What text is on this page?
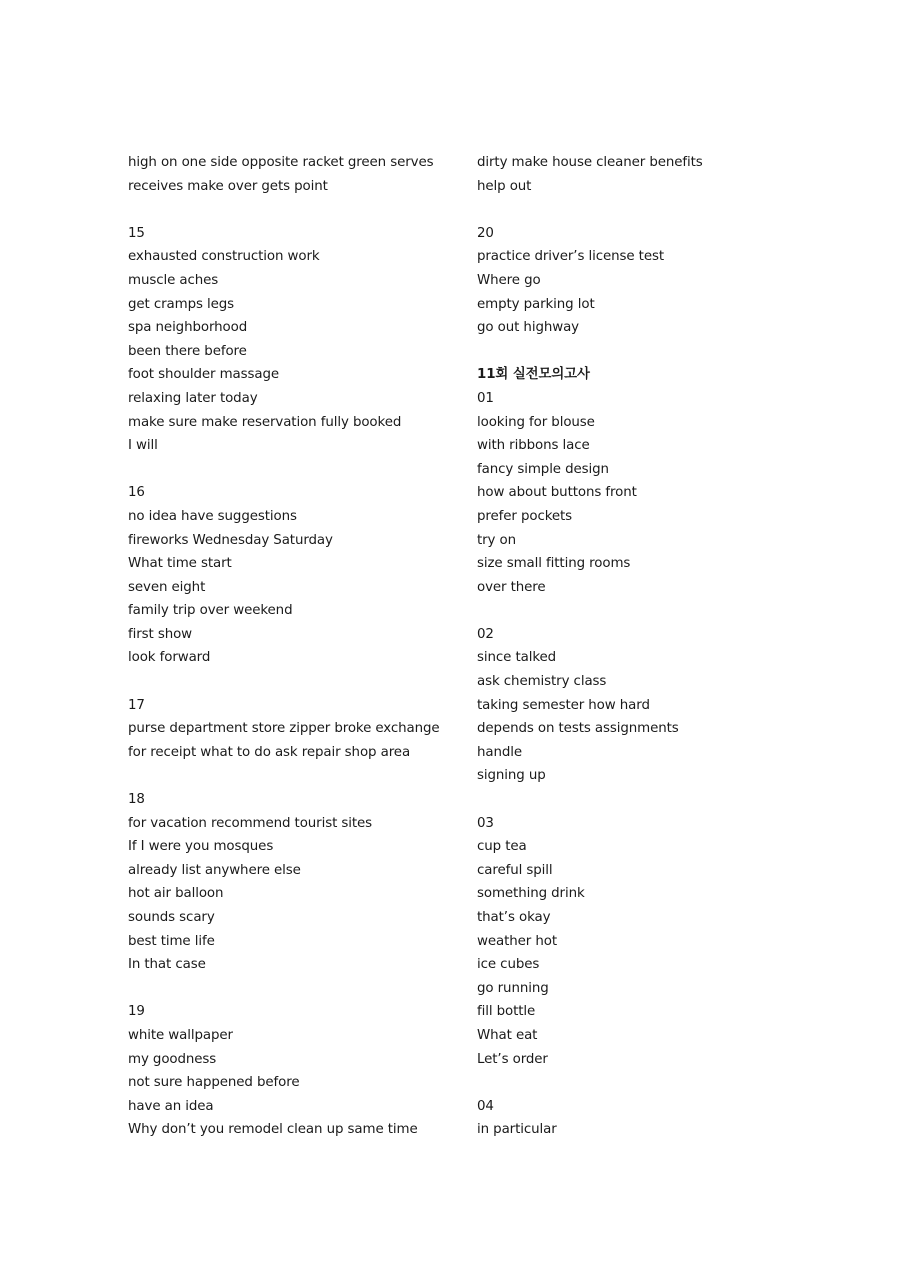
high on one side opposite racket green serves
receives make over gets point
15
exhausted construction work
muscle aches
get cramps legs
spa neighborhood
been there before
foot shoulder massage
relaxing later today
make sure make reservation fully booked
I will
16
no idea have suggestions
fireworks Wednesday Saturday
What time start
seven eight
family trip over weekend
first show
look forward
17
purse department store zipper broke exchange
for receipt what to do ask repair shop area
18
for vacation recommend tourist sites
If I were you mosques
already list anywhere else
hot air balloon
sounds scary
best time life
In that case
19
white wallpaper
my goodness
not sure happened before
have an idea
Why don’t you remodel clean up same time
dirty make house cleaner benefits
help out
20
practice driver’s license test
Where go
empty parking lot
go out highway
11회 실전모의고사
01
looking for blouse
with ribbons lace
fancy simple design
how about buttons front
prefer pockets
try on
size small fitting rooms
over there
02
since talked
ask chemistry class
taking semester how hard
depends on tests assignments
handle
signing up
03
cup tea
careful spill
something drink
that’s okay
weather hot
ice cubes
go running
fill bottle
What eat
Let’s order
04
in particular
